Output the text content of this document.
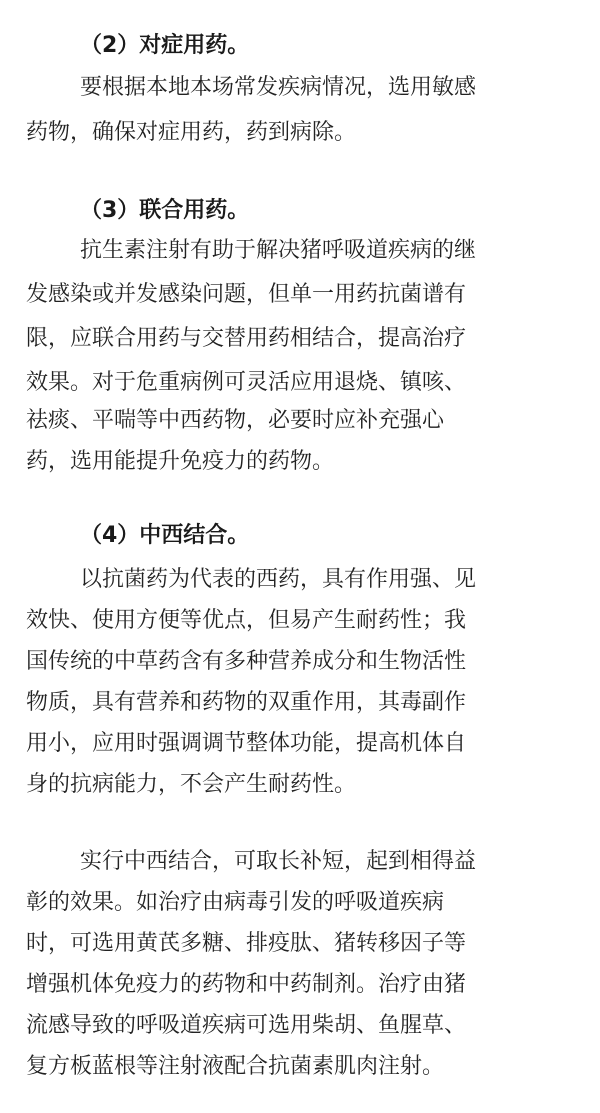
（2）对症用药。
要根据本地本场常发疾病情况，选用敏感
药物，确保对症用药，药到病除。
（3）联合用药。
抗生素注射有助于解决猪呼吸道疾病的继
发感染或并发感染问题，但单一用药抗菌谱有
限，应联合用药与交替用药相结合，提高治疗
效果。对于危重病例可灵活应用退烧、镇咳、
祛痰、平喘等中西药物，必要时应补充强心
药，选用能提升免疫力的药物。
（4）中西结合。
以抗菌药为代表的西药，具有作用强、见
效快、使用方便等优点，但易产生耐药性；我
国传统的中草药含有多种营养成分和生物活性
物质，具有营养和药物的双重作用，其毒副作
用小，应用时强调调节整体功能，提高机体自
身的抗病能力，不会产生耐药性。
实行中西结合，可取长补短，起到相得益
彰的效果。如治疗由病毒引发的呼吸道疾病
时，可选用黄芪多糖、排疫肽、猪转移因子等
增强机体免疫力的药物和中药制剂。治疗由猪
流感导致的呼吸道疾病可选用柴胡、鱼腥草、
复方板蓝根等注射液配合抗菌素肌肉注射。
